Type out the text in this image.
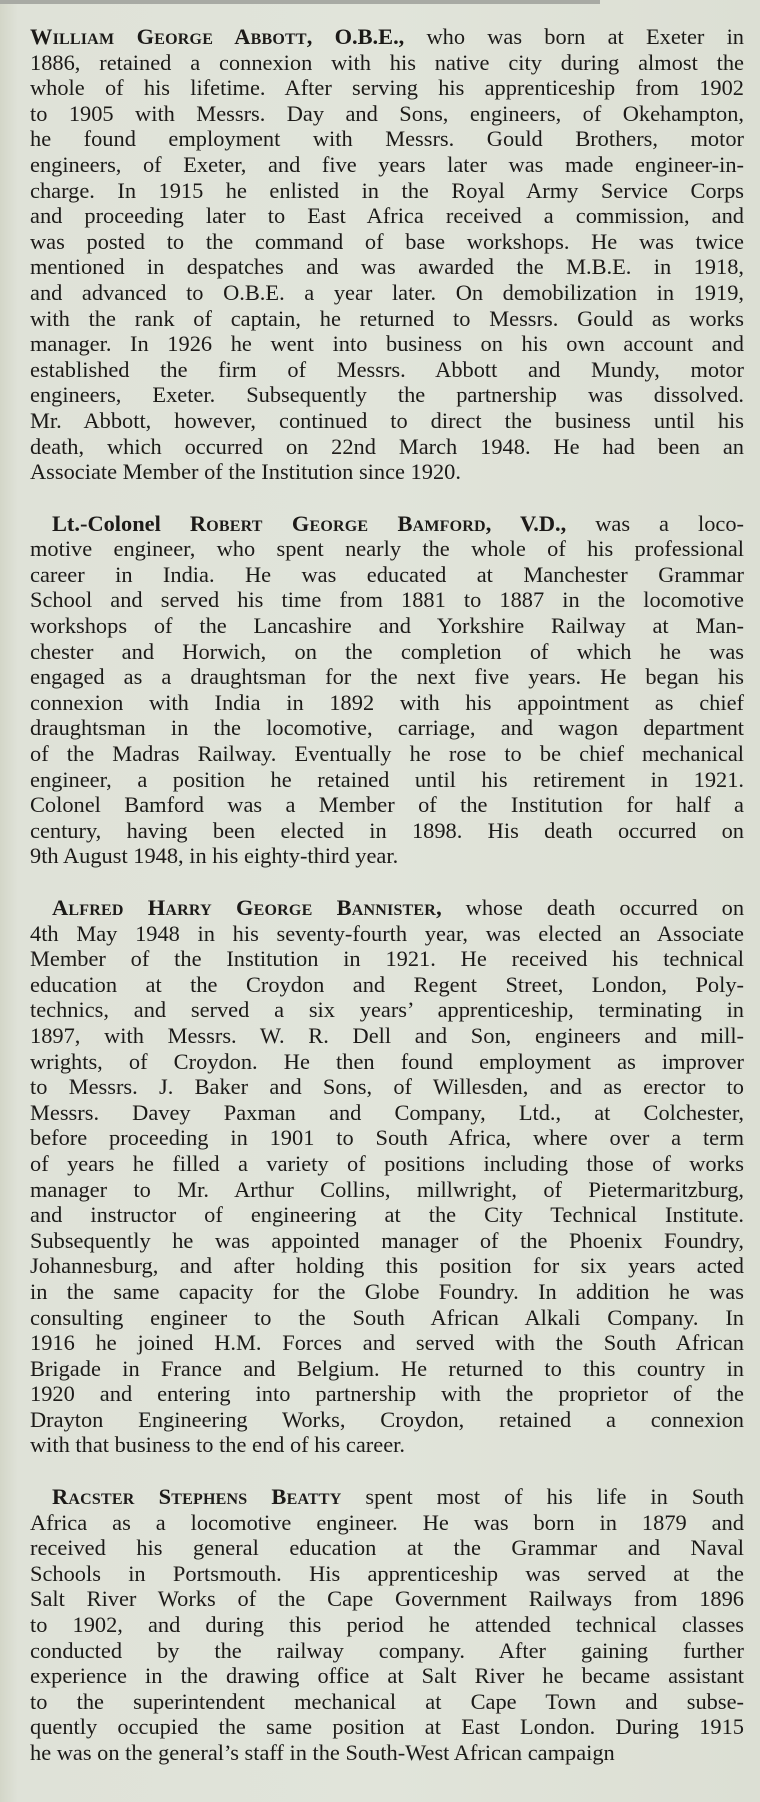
William George Abbott, O.B.E., who was born at Exeter in
1886, retained a connexion with his native city during almost the
whole of his lifetime. After serving his apprenticeship from 1902
to 1905 with Messrs. Day and Sons, engineers, of Okehampton,
he found employment with Messrs. Gould Brothers, motor
engineers, of Exeter, and five years later was made engineer-in-
charge. In 1915 he enlisted in the Royal Army Service Corps
and proceeding later to East Africa received a commission, and
was posted to the command of base workshops. He was twice
mentioned in despatches and was awarded the M.B.E. in 1918,
and advanced to O.B.E. a year later. On demobilization in 1919,
with the rank of captain, he returned to Messrs. Gould as works
manager. In 1926 he went into business on his own account and
established the firm of Messrs. Abbott and Mundy, motor
engineers, Exeter. Subsequently the partnership was dissolved.
Mr. Abbott, however, continued to direct the business until his
death, which occurred on 22nd March 1948. He had been an
Associate Member of the Institution since 1920.
Lt.-Colonel Robert George Bamford, V.D., was a loco-
motive engineer, who spent nearly the whole of his professional
career in India. He was educated at Manchester Grammar
School and served his time from 1881 to 1887 in the locomotive
workshops of the Lancashire and Yorkshire Railway at Man-
chester and Horwich, on the completion of which he was
engaged as a draughtsman for the next five years. He began his
connexion with India in 1892 with his appointment as chief
draughtsman in the locomotive, carriage, and wagon department
of the Madras Railway. Eventually he rose to be chief mechanical
engineer, a position he retained until his retirement in 1921.
Colonel Bamford was a Member of the Institution for half a
century, having been elected in 1898. His death occurred on
9th August 1948, in his eighty-third year.
Alfred Harry George Bannister, whose death occurred on
4th May 1948 in his seventy-fourth year, was elected an Associate
Member of the Institution in 1921. He received his technical
education at the Croydon and Regent Street, London, Poly-
technics, and served a six years’ apprenticeship, terminating in
1897, with Messrs. W. R. Dell and Son, engineers and mill-
wrights, of Croydon. He then found employment as improver
to Messrs. J. Baker and Sons, of Willesden, and as erector to
Messrs. Davey Paxman and Company, Ltd., at Colchester,
before proceeding in 1901 to South Africa, where over a term
of years he filled a variety of positions including those of works
manager to Mr. Arthur Collins, millwright, of Pietermaritzburg,
and instructor of engineering at the City Technical Institute.
Subsequently he was appointed manager of the Phoenix Foundry,
Johannesburg, and after holding this position for six years acted
in the same capacity for the Globe Foundry. In addition he was
consulting engineer to the South African Alkali Company. In
1916 he joined H.M. Forces and served with the South African
Brigade in France and Belgium. He returned to this country in
1920 and entering into partnership with the proprietor of the
Drayton Engineering Works, Croydon, retained a connexion
with that business to the end of his career.
Racster Stephens Beatty spent most of his life in South
Africa as a locomotive engineer. He was born in 1879 and
received his general education at the Grammar and Naval
Schools in Portsmouth. His apprenticeship was served at the
Salt River Works of the Cape Government Railways from 1896
to 1902, and during this period he attended technical classes
conducted by the railway company. After gaining further
experience in the drawing office at Salt River he became assistant
to the superintendent mechanical at Cape Town and subse-
quently occupied the same position at East London. During 1915
he was on the general’s staff in the South-West African campaign
